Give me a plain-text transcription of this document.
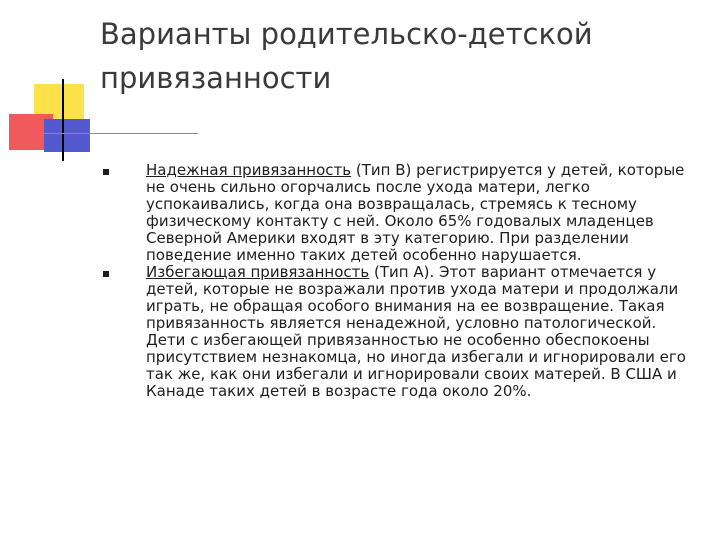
Варианты родительско-детской привязанности
Надежная привязанность (Тип В) регистрируется у детей, которые не очень сильно огорчались после ухода матери, легко успокаивались, когда она возвращалась, стремясь к тесному физическому контакту с ней. Около 65% годовалых младенцев Северной Америки входят в эту категорию. При разделении поведение именно таких детей особенно нарушается.
Избегающая привязанность (Тип А). Этот вариант отмечается у детей, которые не возражали против ухода матери и продолжали играть, не обращая особого внимания на ее возвращение. Такая привязанность является ненадежной, условно патологической. Дети с избегающей привязанностью не особенно обеспокоены присутствием незнакомца, но иногда избегали и игнорировали его так же, как они избегали и игнорировали своих матерей. В США и Канаде таких детей в возрасте года около 20%.
